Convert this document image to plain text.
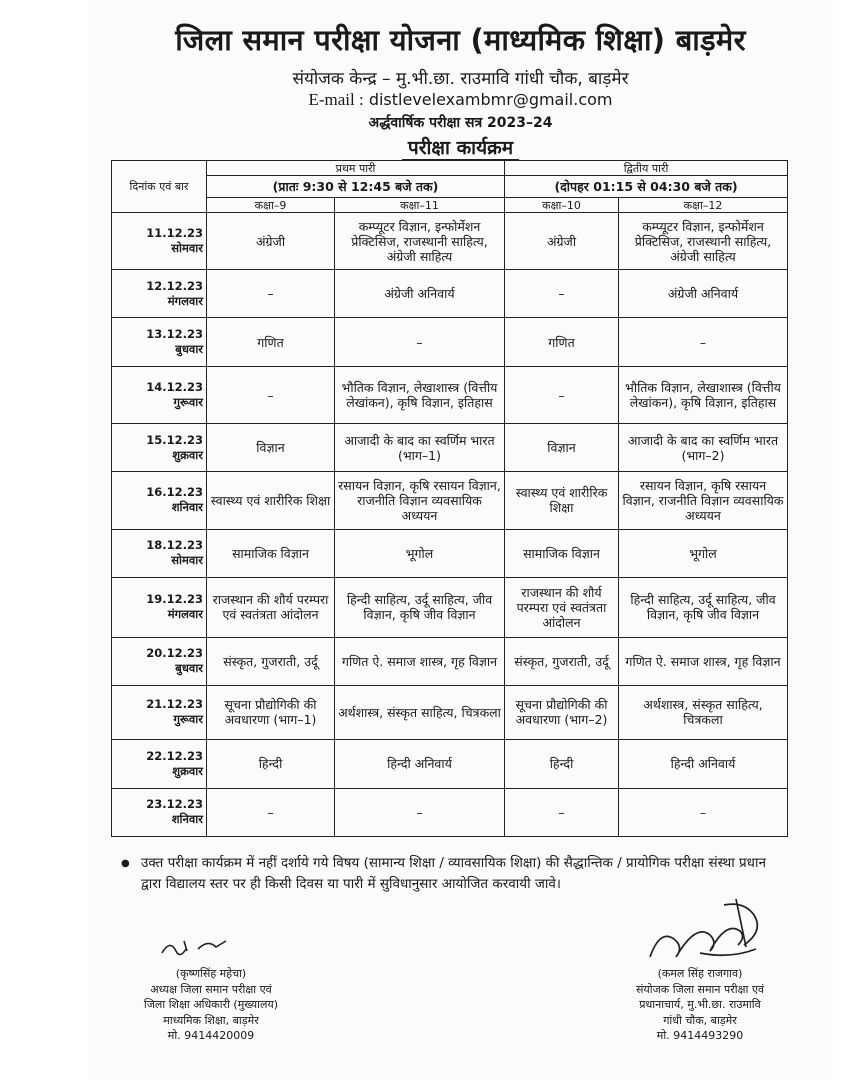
जिला समान परीक्षा योजना (माध्यमिक शिक्षा) बाड़मेर
संयोजक केन्द्र – मु.भी.छा. राउमावि गांधी चौक, बाड़मेर
E-mail : distlevelexambmr@gmail.com
अर्द्धवार्षिक परीक्षा सत्र 2023–24
परीक्षा कार्यक्रम
दिनांक एवं बार	प्रथम पारी		द्वितीय पारी	
	(प्रातः 9:30 से 12:45 बजे तक)		(दोपहर 01:15 से 04:30 बजे तक)	
	कक्षा–9	कक्षा–11	कक्षा–10	कक्षा–12
11.12.23 सोमवार	अंग्रेजी	कम्प्यूटर विज्ञान, इन्फोर्मेशन प्रेक्टिसिज, राजस्थानी साहित्य, अंग्रेजी साहित्य	अंग्रेजी	कम्प्यूटर विज्ञान, इन्फोर्मेशन प्रेक्टिसिज, राजस्थानी साहित्य, अंग्रेजी साहित्य
12.12.23 मंगलवार	–	अंग्रेजी अनिवार्य	–	अंग्रेजी अनिवार्य
13.12.23 बुधवार	गणित	–	गणित	–
14.12.23 गुरूवार	–	भौतिक विज्ञान, लेखाशास्त्र (वित्तीय लेखांकन), कृषि विज्ञान, इतिहास	–	भौतिक विज्ञान, लेखाशास्त्र (वित्तीय लेखांकन), कृषि विज्ञान, इतिहास
15.12.23 शुक्रवार	विज्ञान	आजादी के बाद का स्वर्णिम भारत (भाग–1)	विज्ञान	आजादी के बाद का स्वर्णिम भारत (भाग–2)
16.12.23 शनिवार	स्वास्थ्य एवं शारीरिक शिक्षा	रसायन विज्ञान, कृषि रसायन विज्ञान, राजनीति विज्ञान व्यवसायिक अध्ययन	स्वास्थ्य एवं शारीरिक शिक्षा	रसायन विज्ञान, कृषि रसायन विज्ञान, राजनीति विज्ञान व्यवसायिक अध्ययन
18.12.23 सोमवार	सामाजिक विज्ञान	भूगोल	सामाजिक विज्ञान	भूगोल
19.12.23 मंगलवार	राजस्थान की शौर्य परम्परा एवं स्वतंत्रता आंदोलन	हिन्दी साहित्य, उर्दू साहित्य, जीव विज्ञान, कृषि जीव विज्ञान	राजस्थान की शौर्य परम्परा एवं स्वतंत्रता आंदोलन	हिन्दी साहित्य, उर्दू साहित्य, जीव विज्ञान, कृषि जीव विज्ञान
20.12.23 बुधवार	संस्कृत, गुजराती, उर्दू	गणित ऐ. समाज शास्त्र, गृह विज्ञान	संस्कृत, गुजराती, उर्दू	गणित ऐ. समाज शास्त्र, गृह विज्ञान
21.12.23 गुरूवार	सूचना प्रौद्योगिकी की अवधारणा (भाग–1)	अर्थशास्त्र, संस्कृत साहित्य, चित्रकला	सूचना प्रौद्योगिकी की अवधारणा (भाग–2)	अर्थशास्त्र, संस्कृत साहित्य, चित्रकला
22.12.23 शुक्रवार	हिन्दी	हिन्दी अनिवार्य	हिन्दी	हिन्दी अनिवार्य
23.12.23 शनिवार	–	–	–	–
● उक्त परीक्षा कार्यक्रम में नहीं दर्शाये गये विषय (सामान्य शिक्षा / व्यावसायिक शिक्षा) की सैद्धान्तिक / प्रायोगिक परीक्षा संस्था प्रधान द्वारा विद्यालय स्तर पर ही किसी दिवस या पारी में सुविधानुसार आयोजित करवायी जावे।
(कृष्णसिंह महेचा)
अध्यक्ष जिला समान परीक्षा एवं
जिला शिक्षा अधिकारी (मुख्यालय)
माध्यमिक शिक्षा, बाड़मेर
मो. 9414420009
(कमल सिंह राजगाव)
संयोजक जिला समान परीक्षा एवं
प्रधानाचार्य, मु.भी.छा. राउमावि
गांधी चौक, बाड़मेर
मो. 9414493290
